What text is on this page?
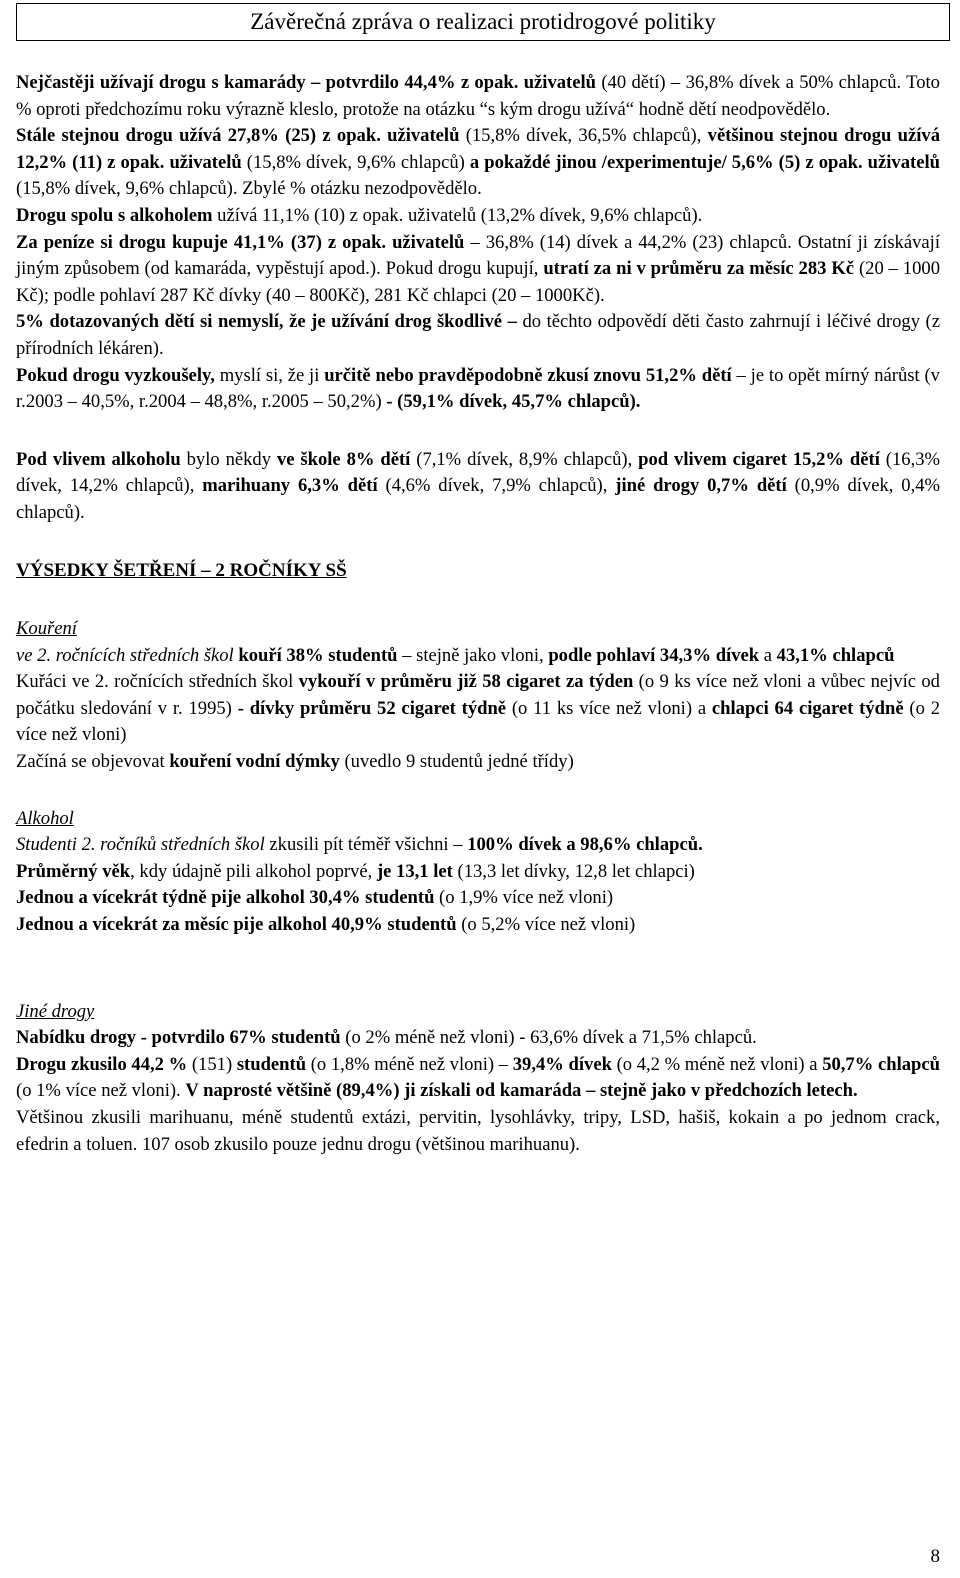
Závěrečná zpráva o realizaci protidrogové politiky

Nejčastěji užívají drogu s kamarády – potvrdilo 44,4% z opak. uživatelů (40 dětí) – 36,8% dívek a 50% chlapců. Toto % oproti předchozímu roku výrazně kleslo, protože na otázku “s kým drogu užívá“ hodně dětí neodpovědělo.

Stále stejnou drogu užívá 27,8% (25) z opak. uživatelů (15,8% dívek, 36,5% chlapců), většinou stejnou drogu užívá 12,2% (11) z opak. uživatelů (15,8% dívek, 9,6% chlapců) a pokaždé jinou /experimentuje/ 5,6% (5) z opak. uživatelů (15,8% dívek, 9,6% chlapců). Zbylé % otázku nezodpovědělo.

Drogu spolu s alkoholem užívá 11,1% (10) z opak. uživatelů (13,2% dívek, 9,6% chlapců).

Za peníze si drogu kupuje 41,1% (37) z opak. uživatelů – 36,8% (14) dívek a 44,2% (23) chlapců. Ostatní ji získávají jiným způsobem (od kamaráda, vypěstují apod.). Pokud drogu kupují, utratí za ni v průměru za měsíc 283 Kč (20 – 1000 Kč); podle pohlaví 287 Kč dívky (40 – 800Kč), 281 Kč chlapci (20 – 1000Kč).

5% dotazovaných dětí si nemyslí, že je užívání drog škodlivé – do těchto odpovědí děti často zahrnují i léčivé drogy (z přírodních lékáren).

Pokud drogu vyzkoušely, myslí si, že ji určitě nebo pravděpodobně zkusí znovu 51,2% dětí – je to opět mírný nárůst (v r.2003 – 40,5%, r.2004 – 48,8%, r.2005 – 50,2%) - (59,1% dívek, 45,7% chlapců).

Pod vlivem alkoholu bylo někdy ve škole 8% dětí (7,1% dívek, 8,9% chlapců), pod vlivem cigaret 15,2% dětí (16,3% dívek, 14,2% chlapců), marihuany 6,3% dětí (4,6% dívek, 7,9% chlapců), jiné drogy 0,7% dětí (0,9% dívek, 0,4% chlapců).

VÝSEDKY ŠETŘENÍ – 2 ROČNÍKY SŠ

Kouření

ve 2. ročnících středních škol kouří 38% studentů – stejně jako vloni, podle pohlaví 34,3% dívek a 43,1% chlapců

Kuřáci ve 2. ročnících středních škol vykouří v průměru již 58 cigaret za týden (o 9 ks více než vloni a vůbec nejvíc od počátku sledování v r. 1995) - dívky průměru 52 cigaret týdně (o 11 ks více než vloni) a chlapci 64 cigaret týdně (o 2 více než vloni)

Začíná se objevovat kouření vodní dýmky (uvedlo 9 studentů jedné třídy)

Alkohol

Studenti 2. ročníků středních škol zkusili pít téměř všichni – 100% dívek a 98,6% chlapců.

Průměrný věk, kdy údajně pili alkohol poprvé, je 13,1 let (13,3 let dívky, 12,8 let chlapci)

Jednou a vícekrát týdně pije alkohol 30,4% studentů (o 1,9% více než vloni)

Jednou a vícekrát za měsíc pije alkohol 40,9% studentů (o 5,2% více než vloni)

Jiné drogy

Nabídku drogy - potvrdilo 67% studentů (o 2% méně než vloni) - 63,6% dívek a 71,5% chlapců.

Drogu zkusilo 44,2 % (151) studentů (o 1,8% méně než vloni) – 39,4% dívek (o 4,2 % méně než vloni) a 50,7% chlapců (o 1% více než vloni). V naprosté většině (89,4%) ji získali od kamaráda – stejně jako v předchozích letech.

Většinou zkusili marihuanu, méně studentů extázi, pervitin, lysohlávky, tripy, LSD, hašiš, kokain a po jednom crack, efedrin a toluen. 107 osob zkusilo pouze jednu drogu (většinou marihuanu).

8
